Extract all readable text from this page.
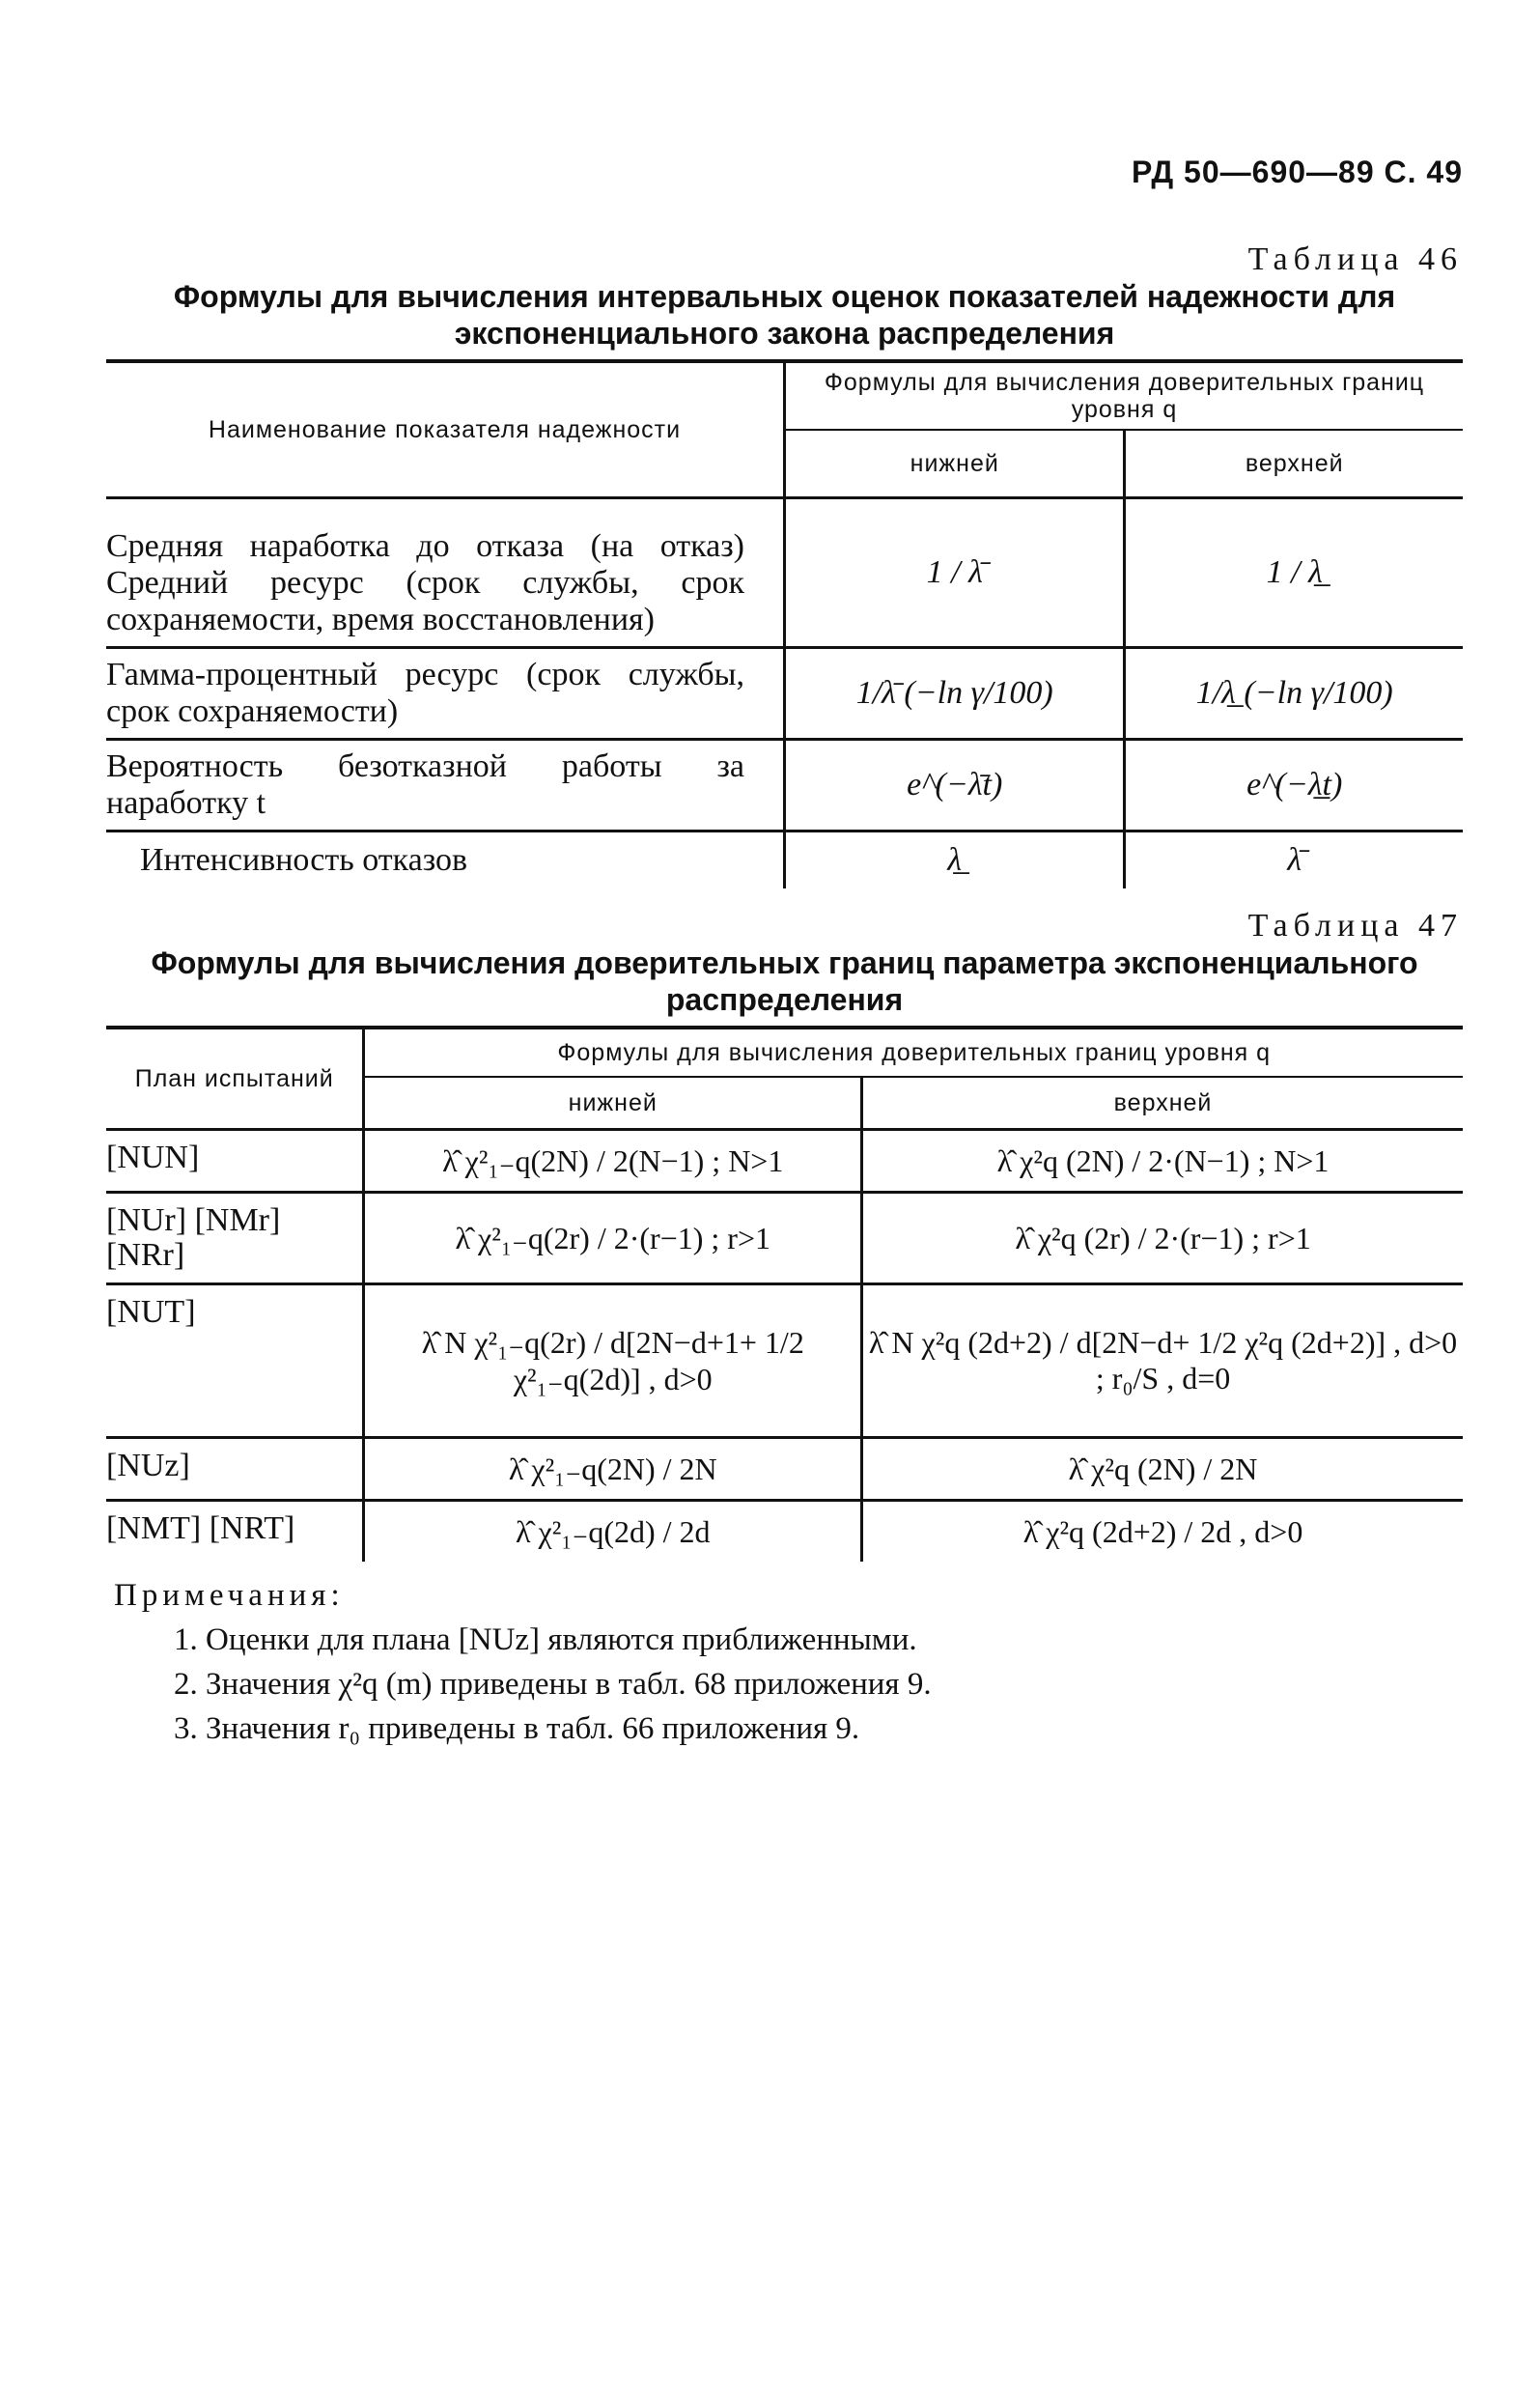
РД 50—690—89 С. 49
Таблица 46
Формулы для вычисления интервальных оценок показателей надежности для экспоненциального закона распределения
Наименование показателя надежности	Формулы для вычисления доверительных границ уровня q	
	нижней	верхней
Средняя наработка до отказа (на отказ) Средний ресурс (срок службы, срок сохраняемости, время восстановления)	1 / λ̄	1 / λ̲
Гамма-процентный ресурс (срок службы, срок сохраняемости)	1/λ̄ (−ln γ/100)	1/λ̲ (−ln γ/100)
Вероятность безотказной работы за наработку t	e^(−λ̄t)	e^(−λ̲t)
Интенсивность отказов	λ̲	λ̄
Таблица 47
Формулы для вычисления доверительных границ параметра экспоненциального распределения
План испытаний	Формулы для вычисления доверительных границ уровня q	
	нижней	верхней
[NUN]	λ̂ χ²₁₋q(2N) / 2(N−1) ; N>1	λ̂ χ²q (2N) / 2·(N−1) ; N>1
[NUr] [NMr] [NRr]	λ̂ χ²₁₋q(2r) / 2·(r−1) ; r>1	λ̂ χ²q (2r) / 2·(r−1) ; r>1
[NUT]	λ̂ N χ²₁₋q(2r) / d[2N−d+1+ 1/2 χ²₁₋q(2d)] , d>0	λ̂ N χ²q (2d+2) / d[2N−d+ 1/2 χ²q (2d+2)] , d>0 ; r₀/S , d=0
[NUz]	λ̂ χ²₁₋q(2N) / 2N	λ̂ χ²q (2N) / 2N
[NMT] [NRT]	λ̂ χ²₁₋q(2d) / 2d	λ̂ χ²q (2d+2) / 2d , d>0
Примечания:
1. Оценки для плана [NUz] являются приближенными.
2. Значения χ²q (m) приведены в табл. 68 приложения 9.
3. Значения r₀ приведены в табл. 66 приложения 9.
